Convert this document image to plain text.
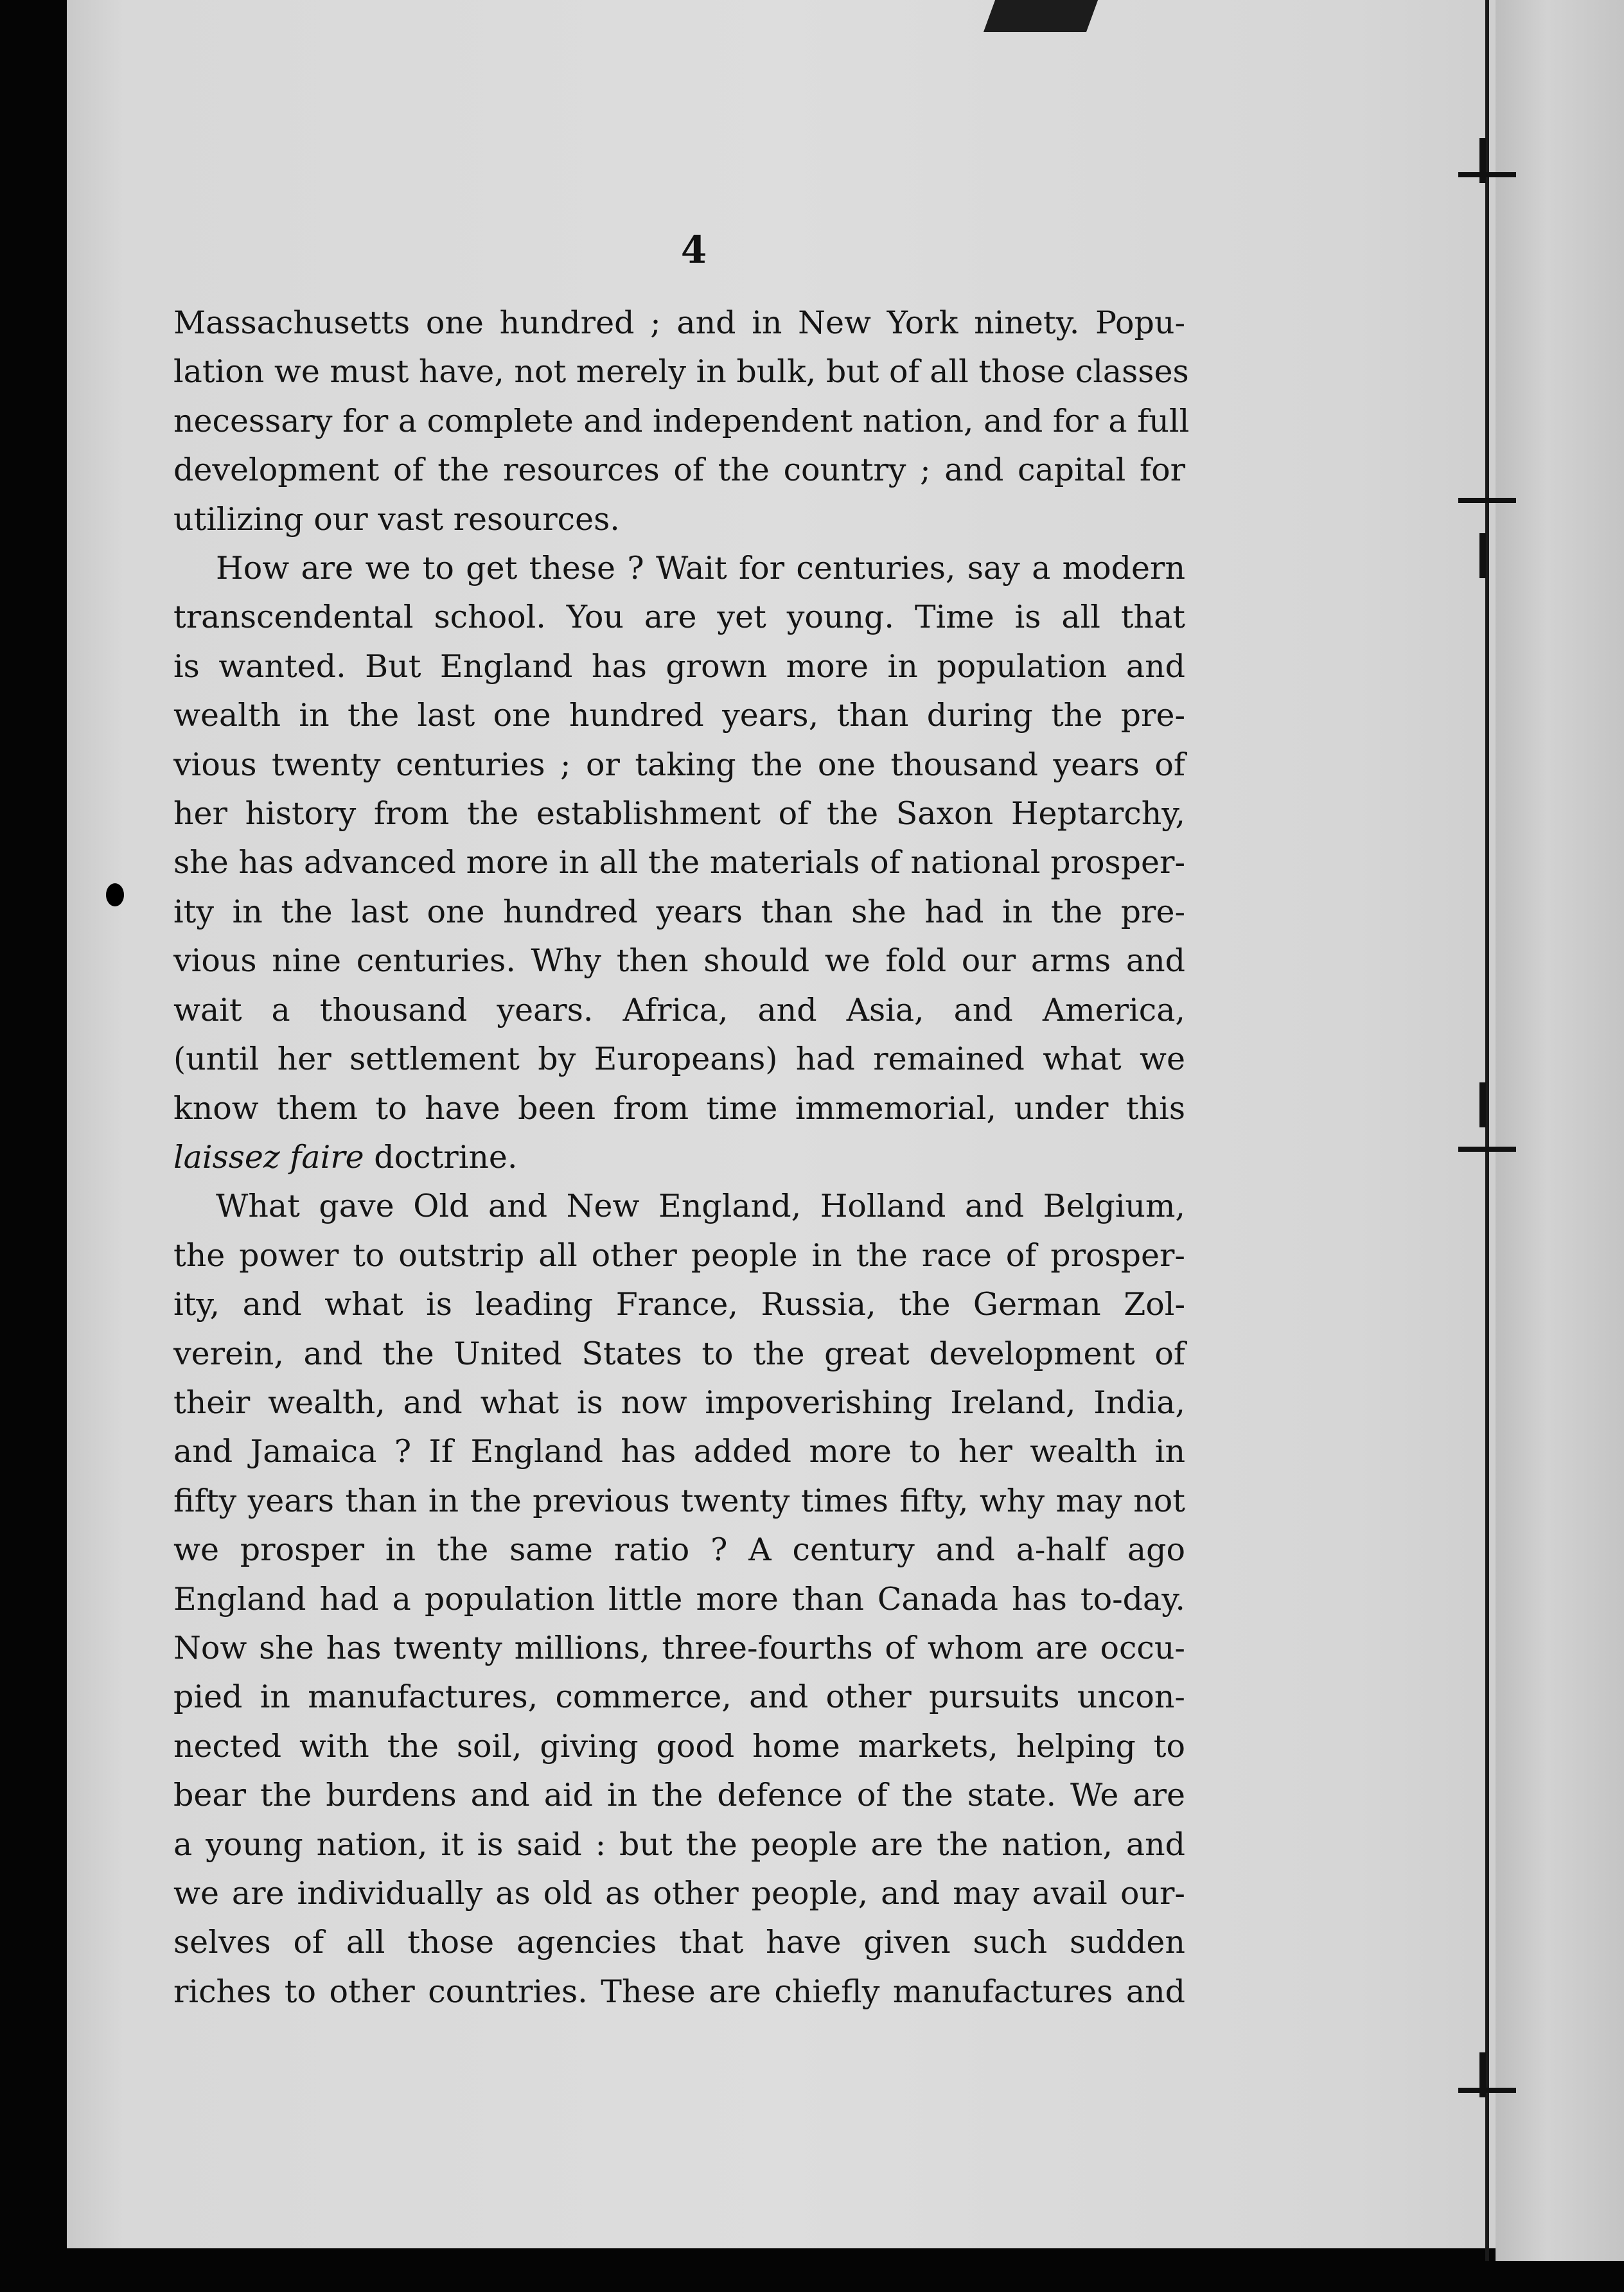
4

Massachusetts one hundred ; and in New York ninety. Popu-
lation we must have, not merely in bulk, but of all those classes
necessary for a complete and independent nation, and for a full
development of the resources of the country ; and capital for
utilizing our vast resources.

How are we to get these ? Wait for centuries, say a modern
transcendental school. You are yet young. Time is all that
is wanted. But England has grown more in population and
wealth in the last one hundred years, than during the pre-
vious twenty centuries ; or taking the one thousand years of
her history from the establishment of the Saxon Heptarchy,
she has advanced more in all the materials of national prosper-
ity in the last one hundred years than she had in the pre-
vious nine centuries. Why then should we fold our arms and
wait a thousand years. Africa, and Asia, and America,
(until her settlement by Europeans) had remained what we
know them to have been from time immemorial, under this
laissez faire doctrine.

What gave Old and New England, Holland and Belgium,
the power to outstrip all other people in the race of prosper-
ity, and what is leading France, Russia, the German Zol-
verein, and the United States to the great development of
their wealth, and what is now impoverishing Ireland, India,
and Jamaica ? If England has added more to her wealth in
fifty years than in the previous twenty times fifty, why may not
we prosper in the same ratio ? A century and a-half ago
England had a population little more than Canada has to-day.
Now she has twenty millions, three-fourths of whom are occu-
pied in manufactures, commerce, and other pursuits uncon-
nected with the soil, giving good home markets, helping to
bear the burdens and aid in the defence of the state. We are
a young nation, it is said : but the people are the nation, and
we are individually as old as other people, and may avail our-
selves of all those agencies that have given such sudden
riches to other countries. These are chiefly manufactures and
